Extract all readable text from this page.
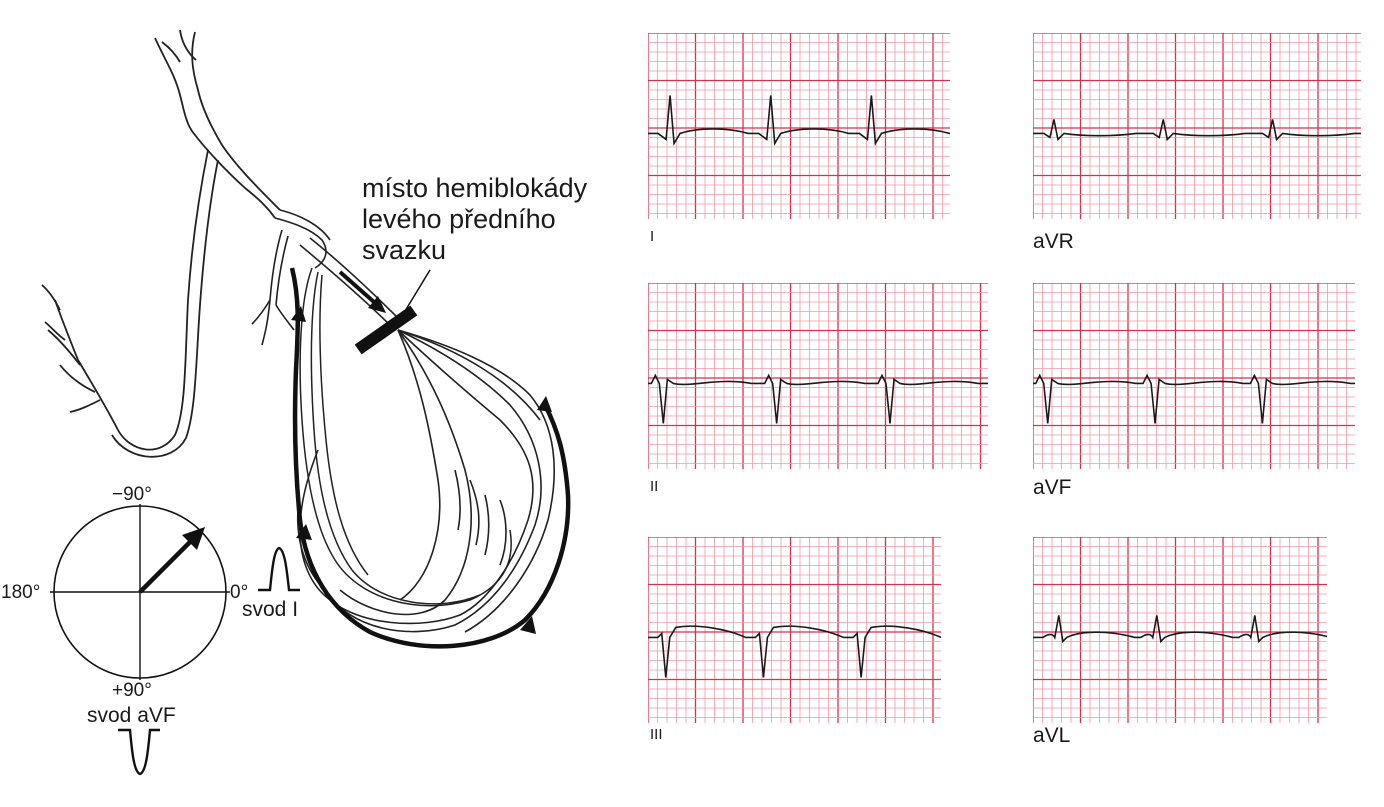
−90°
180°	0°
+90°
svod I
svod aVF
místo hemiblokády
levého předního
svazku	I	aVR
II	aVF
III	aVL
